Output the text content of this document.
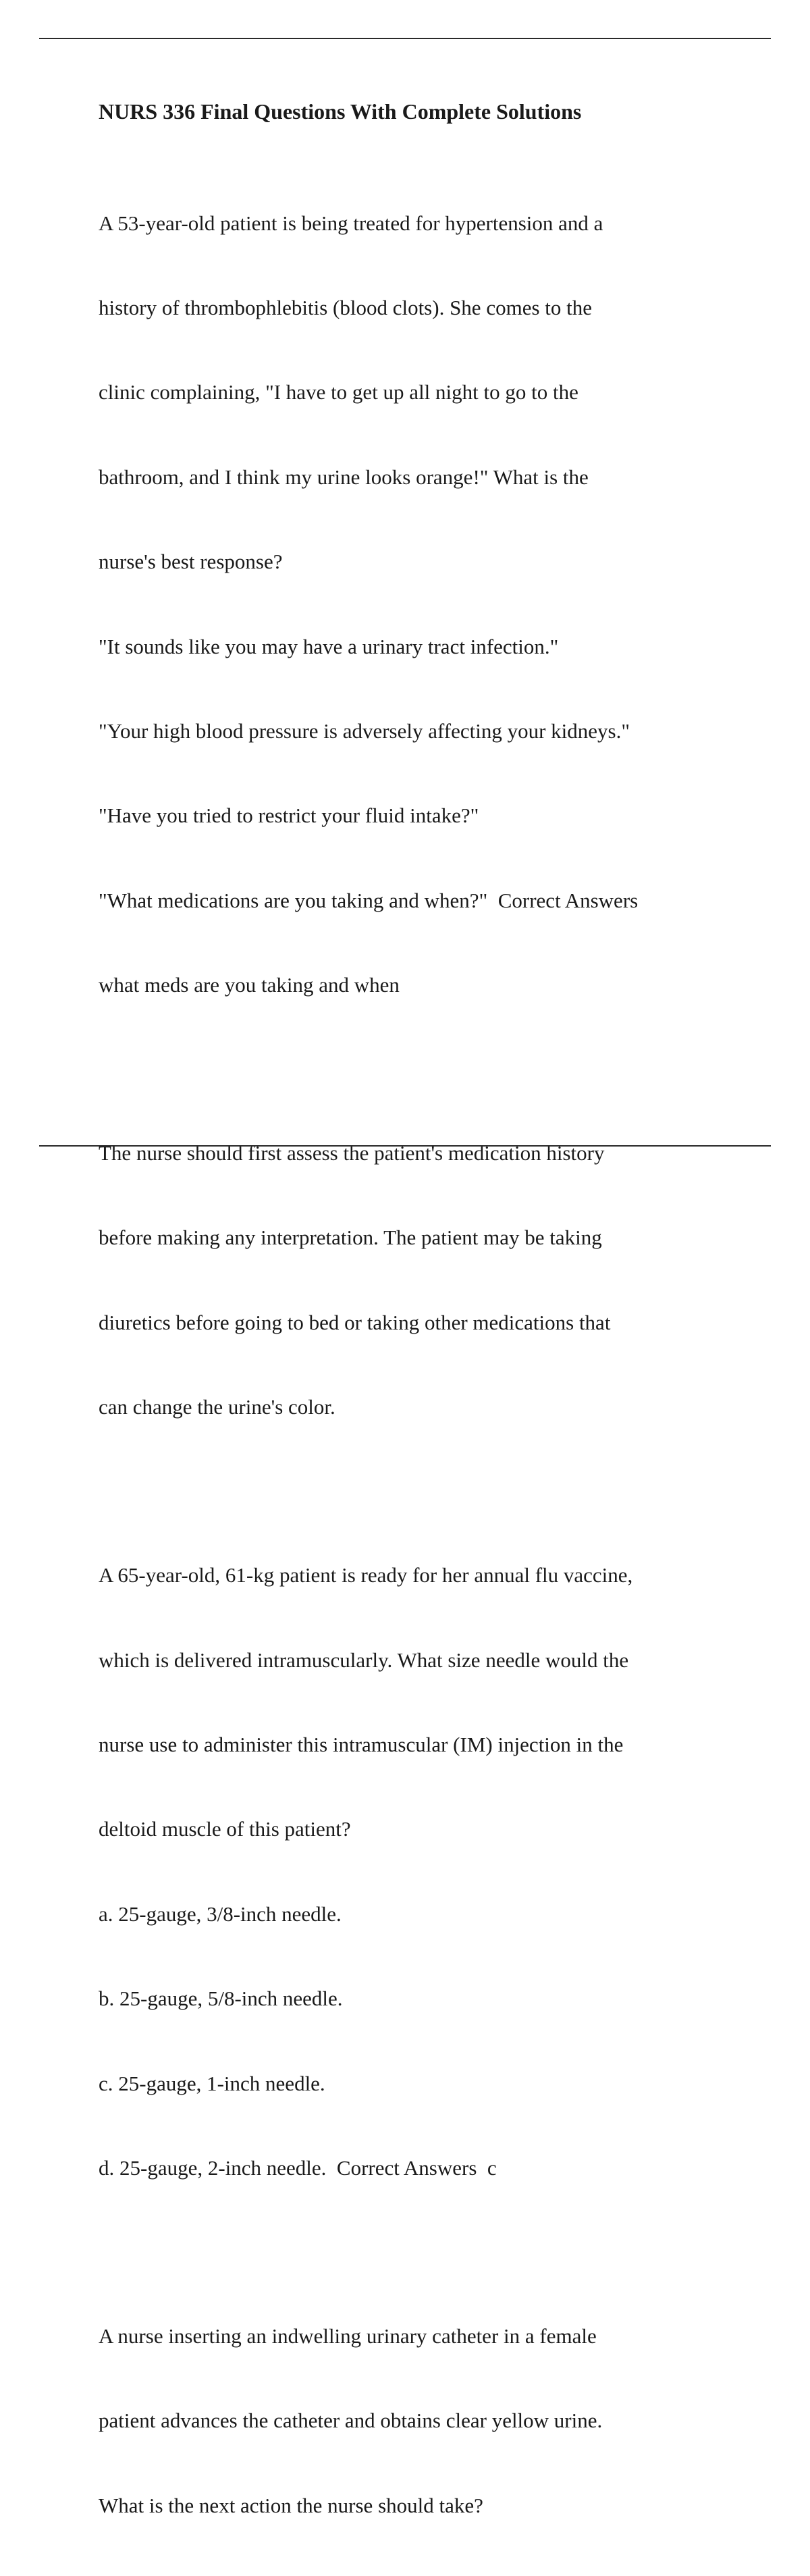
NURS 336 Final Questions With Complete Solutions

A 53-year-old patient is being treated for hypertension and a

history of thrombophlebitis (blood clots). She comes to the

clinic complaining, "I have to get up all night to go to the

bathroom, and I think my urine looks orange!" What is the

nurse's best response?

"It sounds like you may have a urinary tract infection."

"Your high blood pressure is adversely affecting your kidneys."

"Have you tried to restrict your fluid intake?"

"What medications are you taking and when?"  Correct Answers

what meds are you taking and when

The nurse should first assess the patient's medication history

before making any interpretation. The patient may be taking

diuretics before going to bed or taking other medications that

can change the urine's color.

A 65-year-old, 61-kg patient is ready for her annual flu vaccine,

which is delivered intramuscularly. What size needle would the

nurse use to administer this intramuscular (IM) injection in the

deltoid muscle of this patient?

a. 25-gauge, 3/8-inch needle.

b. 25-gauge, 5/8-inch needle.

c. 25-gauge, 1-inch needle.

d. 25-gauge, 2-inch needle.  Correct Answers  c

A nurse inserting an indwelling urinary catheter in a female

patient advances the catheter and obtains clear yellow urine.

What is the next action the nurse should take?
